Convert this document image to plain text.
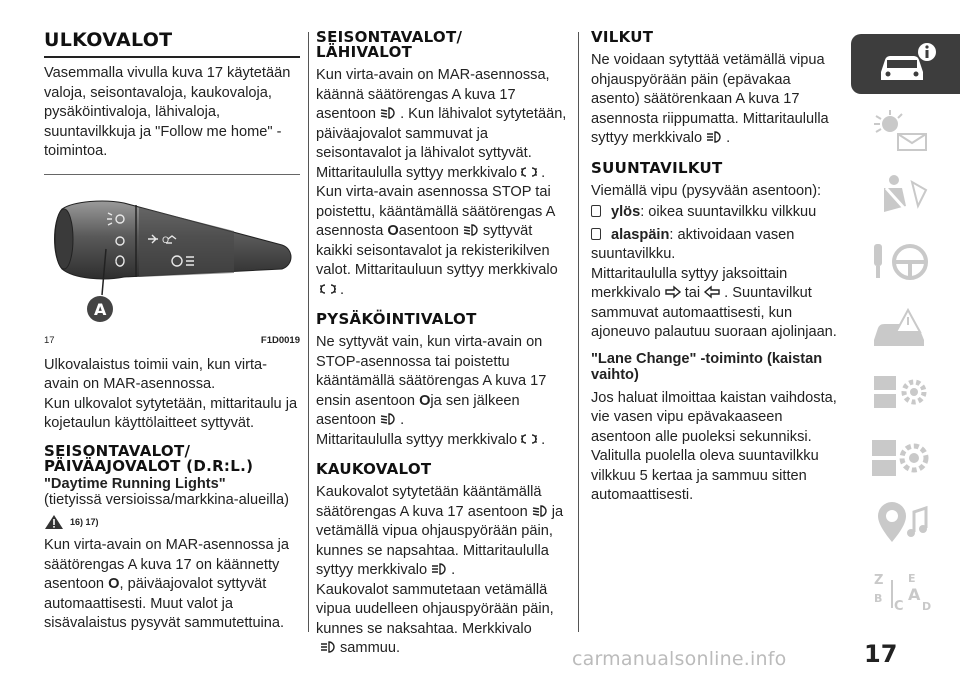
ULKOVALOT

Vasemmalla vivulla kuva 17 käytetään valoja, seisontavaloja, kaukovaloja, pysäköintivaloja, lähivaloja, suuntavilkkuja ja "Follow me home" -toimintoa.

O
A
17	F1D0019

Ulkovalaistus toimii vain, kun virta-avain on MAR-asennossa.

Kun ulkovalot sytytetään, mittaritaulu ja kojetaulun käyttölaitteet syttyvät.

SEISONTAVALOT/
PÄIVÄAJOVALOT (D.R:L.)

"Daytime Running Lights"

(tietyissä versioissa/markkina-alueilla)

16) 17)

Kun virta-avain on MAR-asennossa ja säätörengas A kuva 17 on käännetty asentoon O, päiväajovalot syttyvät automaattisesti. Muut valot ja sisävalaistus pysyvät sammutettuina.

SEISONTAVALOT/
LÄHIVALOT

Kun virta-avain on MAR-asennossa, käännä säätörengas A kuva 17 asentoon . Kun lähivalot sytytetään, päiväajovalot sammuvat ja seisontavalot ja lähivalot syttyvät. Mittaritaululla syttyy merkkivalo .

Kun virta-avain asennossa STOP tai poistettu, kääntämällä säätörengas A asennosta Oasentoon syttyvät kaikki seisontavalot ja rekisterikilven valot. Mittaritauluun syttyy merkkivalo

.

PYSÄKÖINTIVALOT

Ne syttyvät vain, kun virta-avain on STOP-asennossa tai poistettu kääntämällä säätörengas A kuva 17 ensin asentoon Oja sen jälkeen asentoon .

Mittaritaululla syttyy merkkivalo .

KAUKOVALOT

Kaukovalot sytytetään kääntämällä säätörengas A kuva 17 asentoon ja vetämällä vipua ohjauspyörään päin, kunnes se napsahtaa. Mittaritaululla syttyy merkkivalo .

Kaukovalot sammutetaan vetämällä vipua uudelleen ohjauspyörään päin, kunnes se naksahtaa. Merkkivalo

sammuu.

VILKUT

Ne voidaan sytyttää vetämällä vipua ohjauspyörään päin (epävakaa asento) säätörenkaan A kuva 17 asennosta riippumatta. Mittaritaululla syttyy merkkivalo .

SUUNTAVILKUT

Viemällä vipu (pysyvään asentoon):

ylös: oikea suuntavilkku vilkkuu

alaspäin: aktivoidaan vasen suuntavilkku.

Mittaritaululla syttyy jaksoittain merkkivalo tai . Suuntavilkut sammuvat automaattisesti, kun ajoneuvo palautuu suoraan ajolinjaan.

"Lane Change" -toiminto (kaistan vaihto)

Jos haluat ilmoittaa kaistan vaihdosta, vie vasen vipu epävakaaseen asentoon alle puoleksi sekunniksi. Valitulla puolella oleva suuntavilkku vilkkuu 5 kertaa ja sammuu sitten automaattisesti.

Z E
B
C
A
D
17
carmanualsonline.info
